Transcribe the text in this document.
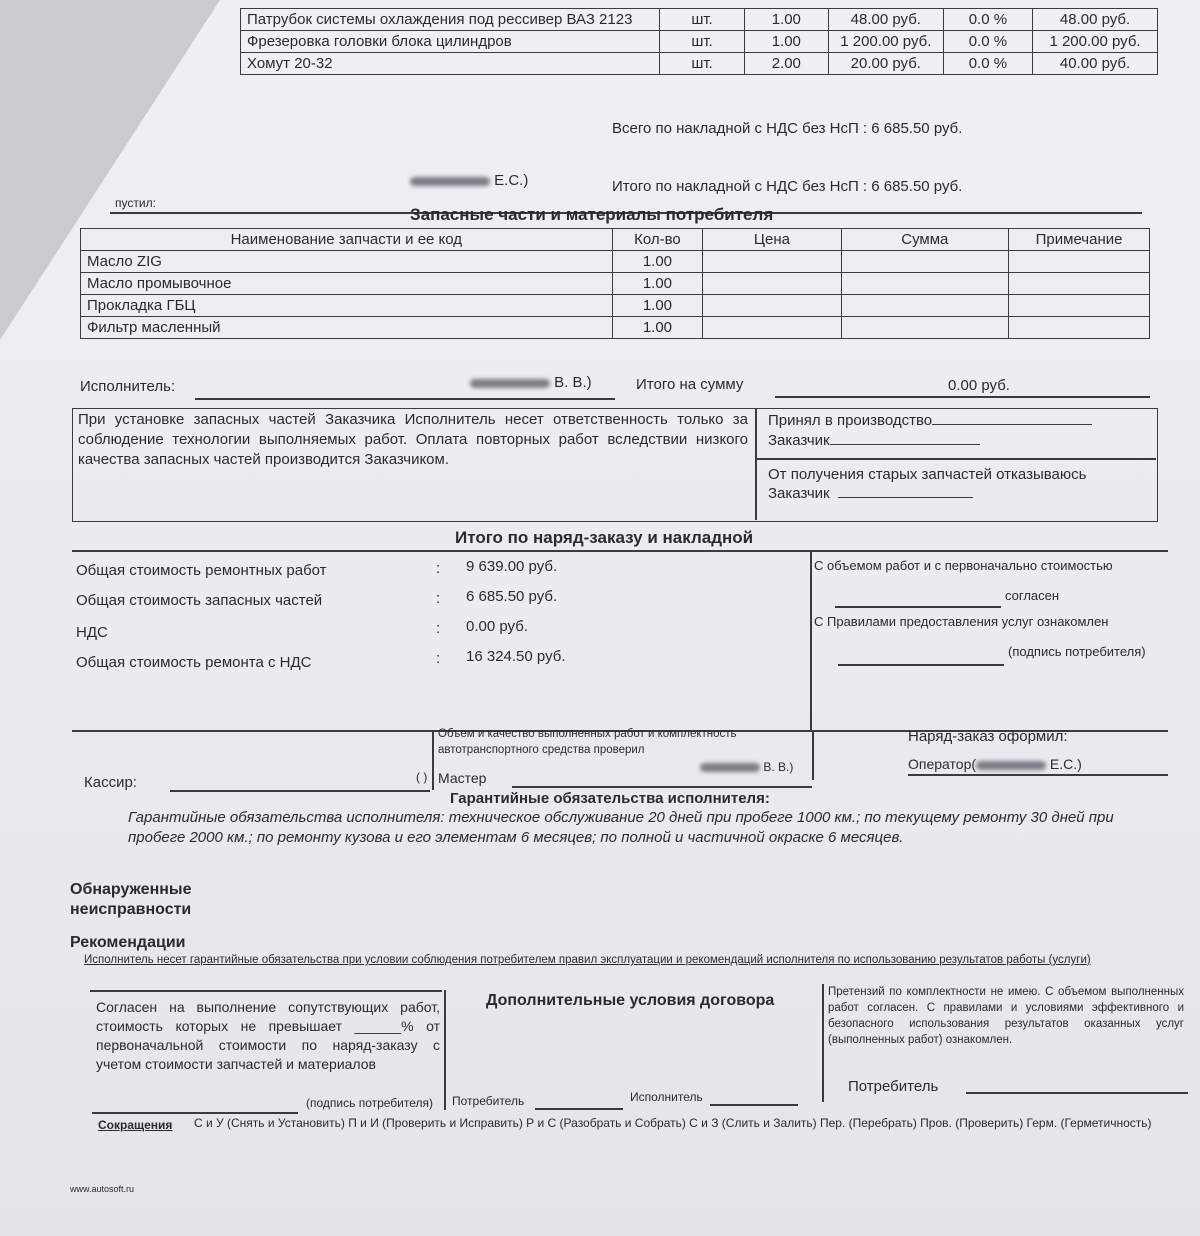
Патрубок системы охлаждения под рессивер ВАЗ 2123	шт.	1.00	48.00 руб.	0.0 %	48.00 руб.
Фрезеровка головки блока цилиндров	шт.	1.00	1 200.00 руб.	0.0 %	1 200.00 руб.
Хомут 20-32	шт.	2.00	20.00 руб.	0.0 %	40.00 руб.
Всего по накладной с НДС без НсП : 6 685.50 руб.
Е.С.)	Итого по накладной с НДС без НсП : 6 685.50 руб.
пустил:
Запасные части и материалы потребителя
Наименование запчасти и ее код	Кол-во	Цена	Сумма	Примечание
Масло ZIG	1.00			
Масло промывочное	1.00			
Прокладка ГБЦ	1.00			
Фильтр масленный	1.00			
Исполнитель:	В. В.)	Итого на сумму	0.00 руб.
При установке запасных частей Заказчика Исполнитель несет ответственность только за соблюдение технологии выполняемых работ. Оплата повторных работ вследствии низкого качества запасных частей производится Заказчиком.
Принял в производство
Заказчик
От получения старых запчастей отказываюсь
Заказчик
Итого по наряд-заказу и накладной
Общая стоимость ремонтных работ	: 9 639.00 руб.
Общая стоимость запасных частей	: 6 685.50 руб.
НДС	: 0.00 руб.
Общая стоимость ремонта с НДС	: 16 324.50 руб.
С объемом работ и с первоначально стоимостью
согласен
С Правилами предоставления услуг ознакомлен
(подпись потребителя)
Кассир:	( )
Объем и качество выполненных работ и комплектность автотранспортного средства проверил
Мастер
В. В.)
Наряд-заказ оформил:
Оператор(	Е.С.)
Гарантийные обязательства исполнителя:
Гарантийные обязательства исполнителя: техническое обслуживание 20 дней при пробеге 1000 км.; по текущему ремонту 30 дней при пробеге 2000 км.; по ремонту кузова и его элементам 6 месяцев; по полной и частичной окраске 6 месяцев.
Обнаруженные неисправности
Рекомендации
Исполнитель несет гарантийные обязательства при условии соблюдения потребителем правил эксплуатации и рекомендаций исполнителя по использованию результатов работы (услуги)
Согласен на выполнение сопутствующих работ, стоимость которых не превышает ______% от первоначальной стоимости по наряд-заказу с учетом стоимости запчастей и материалов
(подпись потребителя)
Дополнительные условия договора
Потребитель	Исполнитель
Претензий по комплектности не имею. С объемом выполненных работ согласен. С правилами и условиями эффективного и безопасного использования результатов оказанных услуг (выполненных работ) ознакомлен.
Потребитель
Сокращения С и У (Снять и Установить) П и И (Проверить и Исправить) Р и С (Разобрать и Собрать) С и З (Слить и Залить) Пер. (Перебрать) Пров. (Проверить) Герм. (Герметичность)
www.autosoft.ru
